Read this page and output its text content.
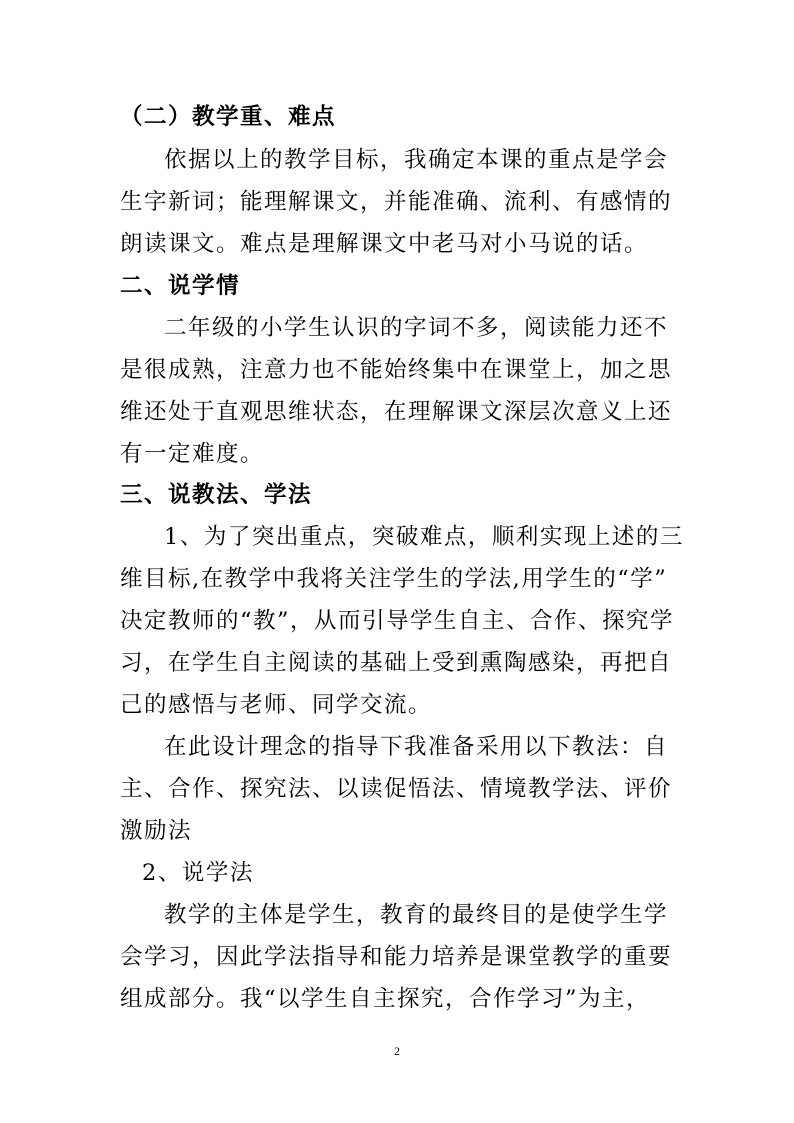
（二）教学重、难点
依据以上的教学目标，我确定本课的重点是学会
生字新词；能理解课文，并能准确、流利、有感情的
朗读课文。难点是理解课文中老马对小马说的话。
二、说学情
二年级的小学生认识的字词不多，阅读能力还不
是很成熟，注意力也不能始终集中在课堂上，加之思
维还处于直观思维状态，在理解课文深层次意义上还
有一定难度。
三、说教法、学法
1、为了突出重点，突破难点，顺利实现上述的三
维目标,在教学中我将关注学生的学法,用学生的“学”
决定教师的“教”，从而引导学生自主、合作、探究学
习，在学生自主阅读的基础上受到熏陶感染，再把自
己的感悟与老师、同学交流。
在此设计理念的指导下我准备采用以下教法：自
主、合作、探究法、以读促悟法、情境教学法、评价
激励法
2、说学法
教学的主体是学生，教育的最终目的是使学生学
会学习，因此学法指导和能力培养是课堂教学的重要
组成部分。我“以学生自主探究，合作学习”为主，
2
